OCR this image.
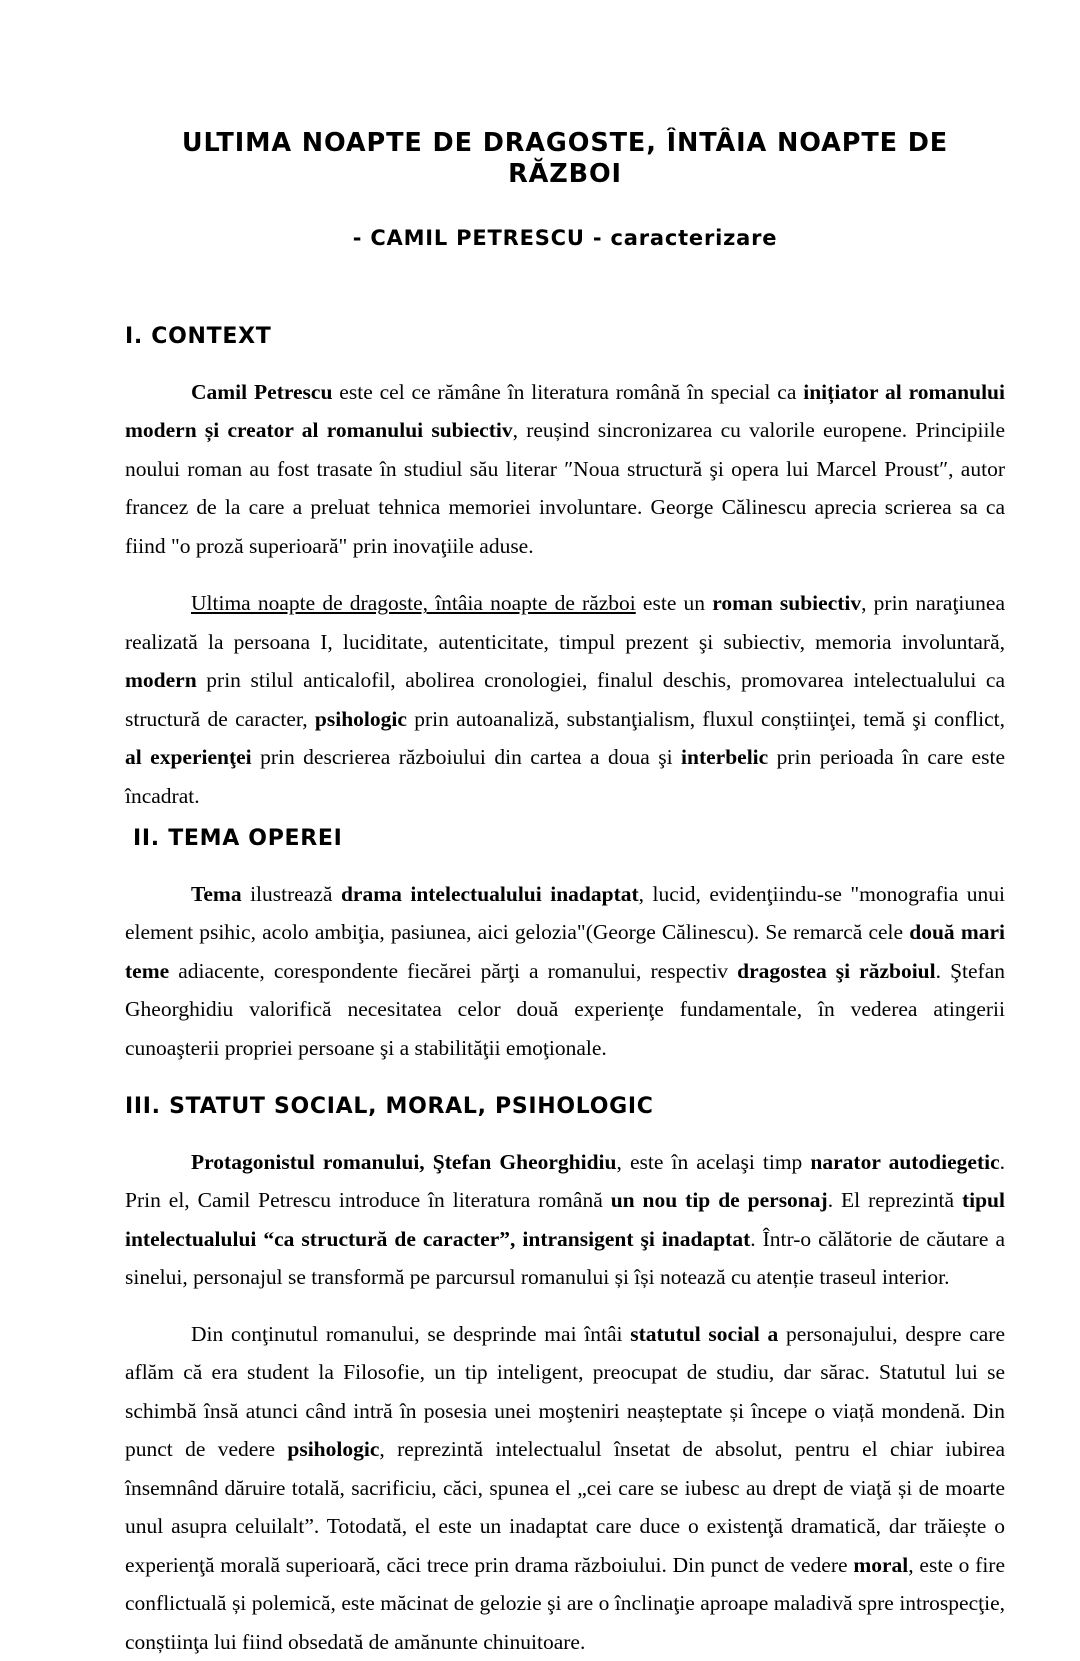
ULTIMA NOAPTE DE DRAGOSTE, ÎNTÂIA NOAPTE DE RĂZBOI
- CAMIL PETRESCU - caracterizare
I. CONTEXT

Camil Petrescu este cel ce rămâne în literatura română în special ca inițiator al romanului modern și creator al romanului subiectiv, reușind sincronizarea cu valorile europene. Principiile noului roman au fost trasate în studiul său literar ″Noua structură şi opera lui Marcel Proust″, autor francez de la care a preluat tehnica memoriei involuntare. George Călinescu aprecia scrierea sa ca fiind "o proză superioară" prin inovaţiile aduse.

Ultima noapte de dragoste, întâia noapte de război este un roman subiectiv, prin naraţiunea realizată la persoana I, luciditate, autenticitate, timpul prezent şi subiectiv, memoria involuntară, modern prin stilul anticalofil, abolirea cronologiei, finalul deschis, promovarea intelectualului ca structură de caracter, psihologic prin autoanaliză, substanţialism, fluxul conștiinţei, temă şi conflict, al experienţei prin descrierea războiului din cartea a doua şi interbelic prin perioada în care este încadrat.

II. TEMA OPEREI

Tema ilustrează drama intelectualului inadaptat, lucid, evidenţiindu-se "monografia unui element psihic, acolo ambiţia, pasiunea, aici gelozia"(George Călinescu). Se remarcă cele două mari teme adiacente, corespondente fiecărei părţi a romanului, respectiv dragostea şi războiul. Ştefan Gheorghidiu valorifică necesitatea celor două experienţe fundamentale, în vederea atingerii cunoaşterii propriei persoane şi a stabilităţii emoţionale.

III. STATUT SOCIAL, MORAL, PSIHOLOGIC

Protagonistul romanului, Ştefan Gheorghidiu, este în acelaşi timp narator autodiegetic. Prin el, Camil Petrescu introduce în literatura română un nou tip de personaj. El reprezintă tipul intelectualului “ca structură de caracter”, intransigent şi inadaptat. Într-o călătorie de căutare a sinelui, personajul se transformă pe parcursul romanului și își notează cu atenție traseul interior.

Din conţinutul romanului, se desprinde mai întâi statutul social a personajului, despre care aflăm că era student la Filosofie, un tip inteligent, preocupat de studiu, dar sărac. Statutul lui se schimbă însă atunci când intră în posesia unei moşteniri neașteptate și începe o viață mondenă. Din punct de vedere psihologic, reprezintă intelectualul însetat de absolut, pentru el chiar iubirea însemnând dăruire totală, sacrificiu, căci, spunea el „cei care se iubesc au drept de viaţă și de moarte unul asupra celuilalt”. Totodată, el este un inadaptat care duce o existenţă dramatică, dar trăiește o experienţă morală superioară, căci trece prin drama războiului. Din punct de vedere moral, este o fire conflictuală și polemică, este măcinat de gelozie şi are o înclinaţie aproape maladivă spre introspecţie, conștiinţa lui fiind obsedată de amănunte chinuitoare.
